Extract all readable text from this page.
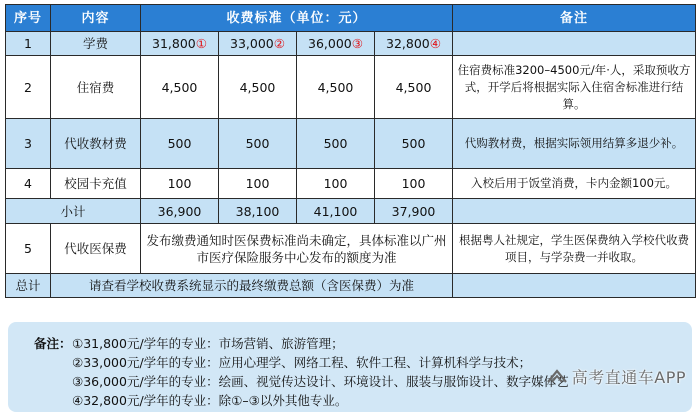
序号	内容	收费标准（单位：元）				备注
1	学费	31,800①	33,000②	36,000③	32,800④	
2	住宿费	4,500	4,500	4,500	4,500	住宿费标准3200–4500元/年·人，采取预收方式，开学后将根据实际入住宿舍标准进行结算。
3	代收教材费	500	500	500	500	代购教材费，根据实际领用结算多退少补。
4	校园卡充值	100	100	100	100	入校后用于饭堂消费，卡内金额100元。
小计		36,900	38,100	41,100	37,900	
5	代收医保费	发布缴费通知时医保费标准尚未确定，具体标准以广州市医疗保险服务中心发布的额度为准				根据粤人社规定，学生医保费纳入学校代收费项目，与学杂费一并收取。
总计	请查看学校收费系统显示的最终缴费总额（含医保费）为准					
备注： ①31,800元/学年的专业：市场营销、旅游管理；
②33,000元/学年的专业：应用心理学、网络工程、软件工程、计算机科学与技术；
③36,000元/学年的专业：绘画、视觉传达设计、环境设计、服装与服饰设计、数字媒体艺
④32,800元/学年的专业：除①–③以外其他专业。
高考直通车APP
